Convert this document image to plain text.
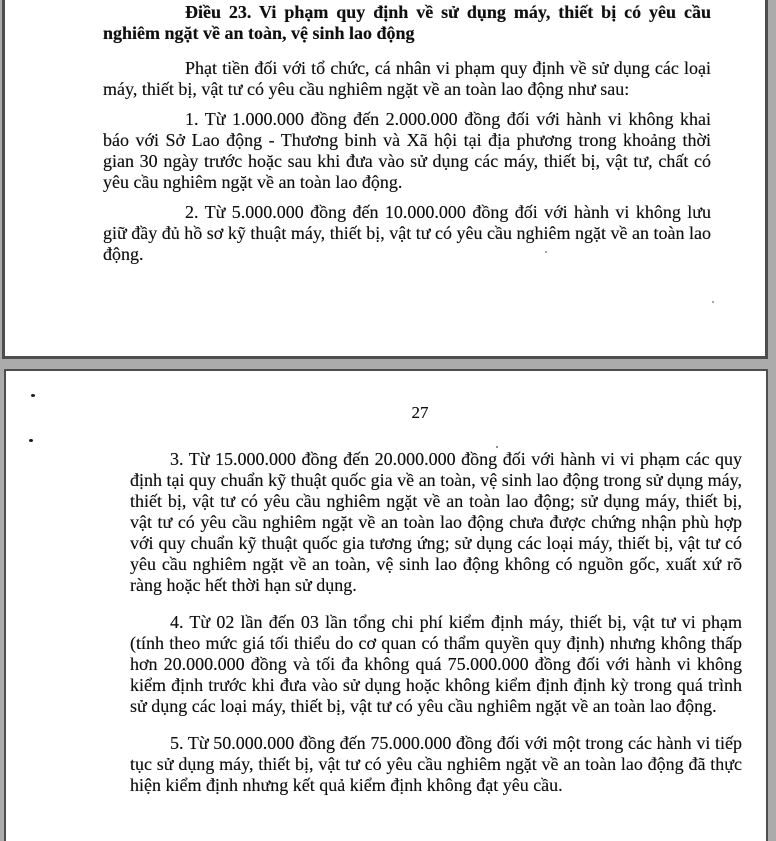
Điều 23. Vi phạm quy định về sử dụng máy, thiết bị có yêu cầu nghiêm ngặt về an toàn, vệ sinh lao động

Phạt tiền đối với tổ chức, cá nhân vi phạm quy định về sử dụng các loại máy, thiết bị, vật tư có yêu cầu nghiêm ngặt về an toàn lao động như sau:

1. Từ 1.000.000 đồng đến 2.000.000 đồng đối với hành vi không khai báo với Sở Lao động - Thương binh và Xã hội tại địa phương trong khoảng thời gian 30 ngày trước hoặc sau khi đưa vào sử dụng các máy, thiết bị, vật tư, chất có yêu cầu nghiêm ngặt về an toàn lao động.

2. Từ 5.000.000 đồng đến 10.000.000 đồng đối với hành vi không lưu giữ đầy đủ hồ sơ kỹ thuật máy, thiết bị, vật tư có yêu cầu nghiêm ngặt về an toàn lao động.

27

3. Từ 15.000.000 đồng đến 20.000.000 đồng đối với hành vi vi phạm các quy định tại quy chuẩn kỹ thuật quốc gia về an toàn, vệ sinh lao động trong sử dụng máy, thiết bị, vật tư có yêu cầu nghiêm ngặt về an toàn lao động; sử dụng máy, thiết bị, vật tư có yêu cầu nghiêm ngặt về an toàn lao động chưa được chứng nhận phù hợp với quy chuẩn kỹ thuật quốc gia tương ứng; sử dụng các loại máy, thiết bị, vật tư có yêu cầu nghiêm ngặt về an toàn, vệ sinh lao động không có nguồn gốc, xuất xứ rõ ràng hoặc hết thời hạn sử dụng.

4. Từ 02 lần đến 03 lần tổng chi phí kiểm định máy, thiết bị, vật tư vi phạm (tính theo mức giá tối thiểu do cơ quan có thẩm quyền quy định) nhưng không thấp hơn 20.000.000 đồng và tối đa không quá 75.000.000 đồng đối với hành vi không kiểm định trước khi đưa vào sử dụng hoặc không kiểm định định kỳ trong quá trình sử dụng các loại máy, thiết bị, vật tư có yêu cầu nghiêm ngặt về an toàn lao động.

5. Từ 50.000.000 đồng đến 75.000.000 đồng đối với một trong các hành vi tiếp tục sử dụng máy, thiết bị, vật tư có yêu cầu nghiêm ngặt về an toàn lao động đã thực hiện kiểm định nhưng kết quả kiểm định không đạt yêu cầu.
